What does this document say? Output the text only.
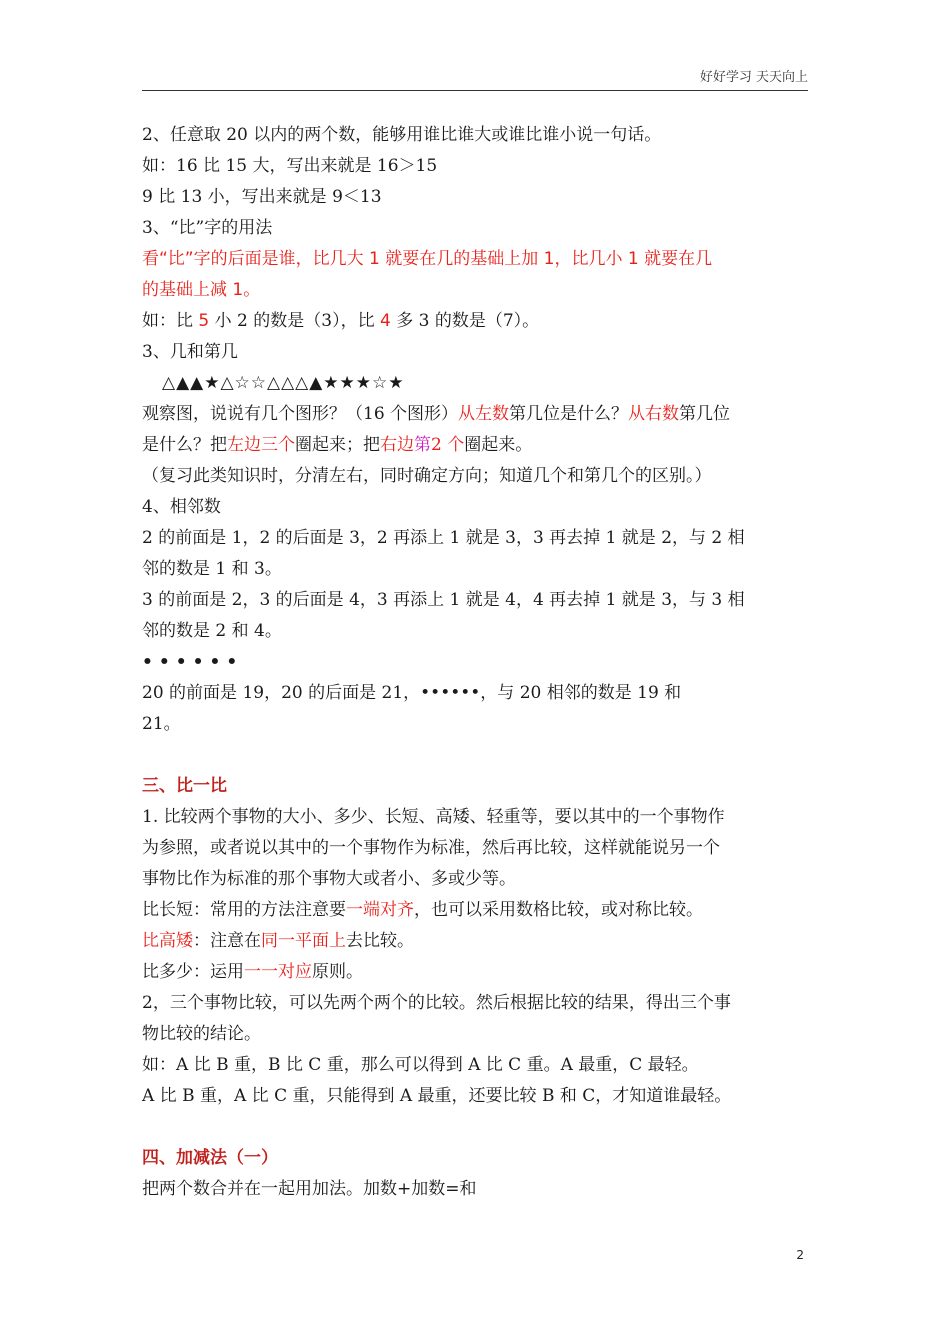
好好学习 天天向上
2、任意取 20 以内的两个数，能够用谁比谁大或谁比谁小说一句话。
如：16 比 15 大，写出来就是 16＞15
9 比 13 小，写出来就是 9＜13
3、“比”字的用法
看“比”字的后面是谁，比几大 1 就要在几的基础上加 1，比几小 1 就要在几
的基础上减 1。
如：比 5 小 2 的数是（3），比 4 多 3 的数是（7）。
3、几和第几
△▲▲★△☆☆△△△▲★★★☆★
观察图，说说有几个图形？（16 个图形）从左数第几位是什么？从右数第几位
是什么？把左边三个圈起来；把右边第2 个圈起来。
（复习此类知识时，分清左右，同时确定方向；知道几个和第几个的区别。）
4、相邻数
2 的前面是 1，2 的后面是 3，2 再添上 1 就是 3，3 再去掉 1 就是 2，与 2 相
邻的数是 1 和 3。
3 的前面是 2，3 的后面是 4，3 再添上 1 就是 4，4 再去掉 1 就是 3，与 3 相
邻的数是 2 和 4。
••••••
20 的前面是 19，20 的后面是 21，••••••，与 20 相邻的数是 19 和
21。
三、比一比
1. 比较两个事物的大小、多少、长短、高矮、轻重等，要以其中的一个事物作
为参照，或者说以其中的一个事物作为标准，然后再比较，这样就能说另一个
事物比作为标准的那个事物大或者小、多或少等。
比长短：常用的方法注意要一端对齐，也可以采用数格比较，或对称比较。
比高矮：注意在同一平面上去比较。
比多少：运用一一对应原则。
2，三个事物比较，可以先两个两个的比较。然后根据比较的结果，得出三个事
物比较的结论。
如：A 比 B 重，B 比 C 重，那么可以得到 A 比 C 重。A 最重，C 最轻。
A 比 B 重，A 比 C 重，只能得到 A 最重，还要比较 B 和 C，才知道谁最轻。
四、加减法（一）
把两个数合并在一起用加法。加数+加数=和
2
